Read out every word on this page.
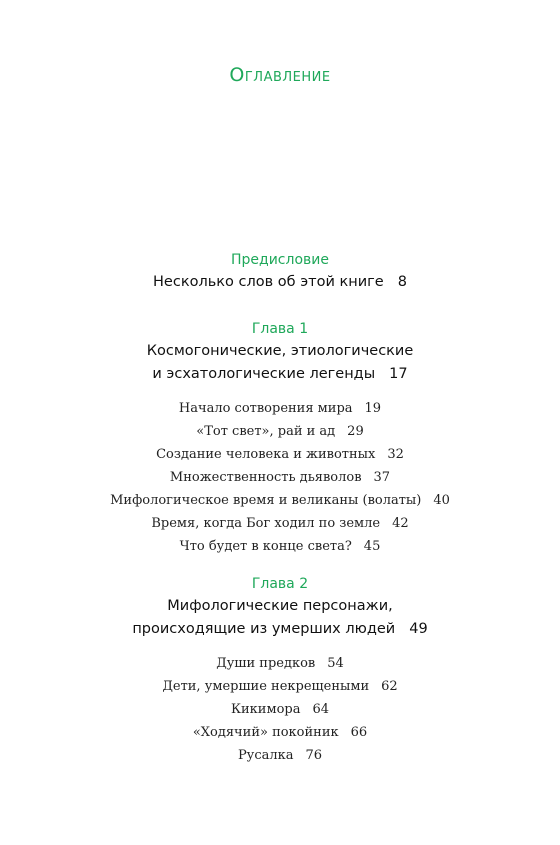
Оглавление
Предисловие
Несколько слов об этой книге 8
Глава 1
Космогонические, этиологические
и эсхатологические легенды 17
Начало сотворения мира 19
«Тот свет», рай и ад 29
Создание человека и животных 32
Множественность дьяволов 37
Мифологическое время и великаны (волаты) 40
Время, когда Бог ходил по земле 42
Что будет в конце света? 45
Глава 2
Мифологические персонажи,
происходящие из умерших людей 49
Души предков 54
Дети, умершие некрещеными 62
Кикимора 64
«Ходячий» покойник 66
Русалка 76
